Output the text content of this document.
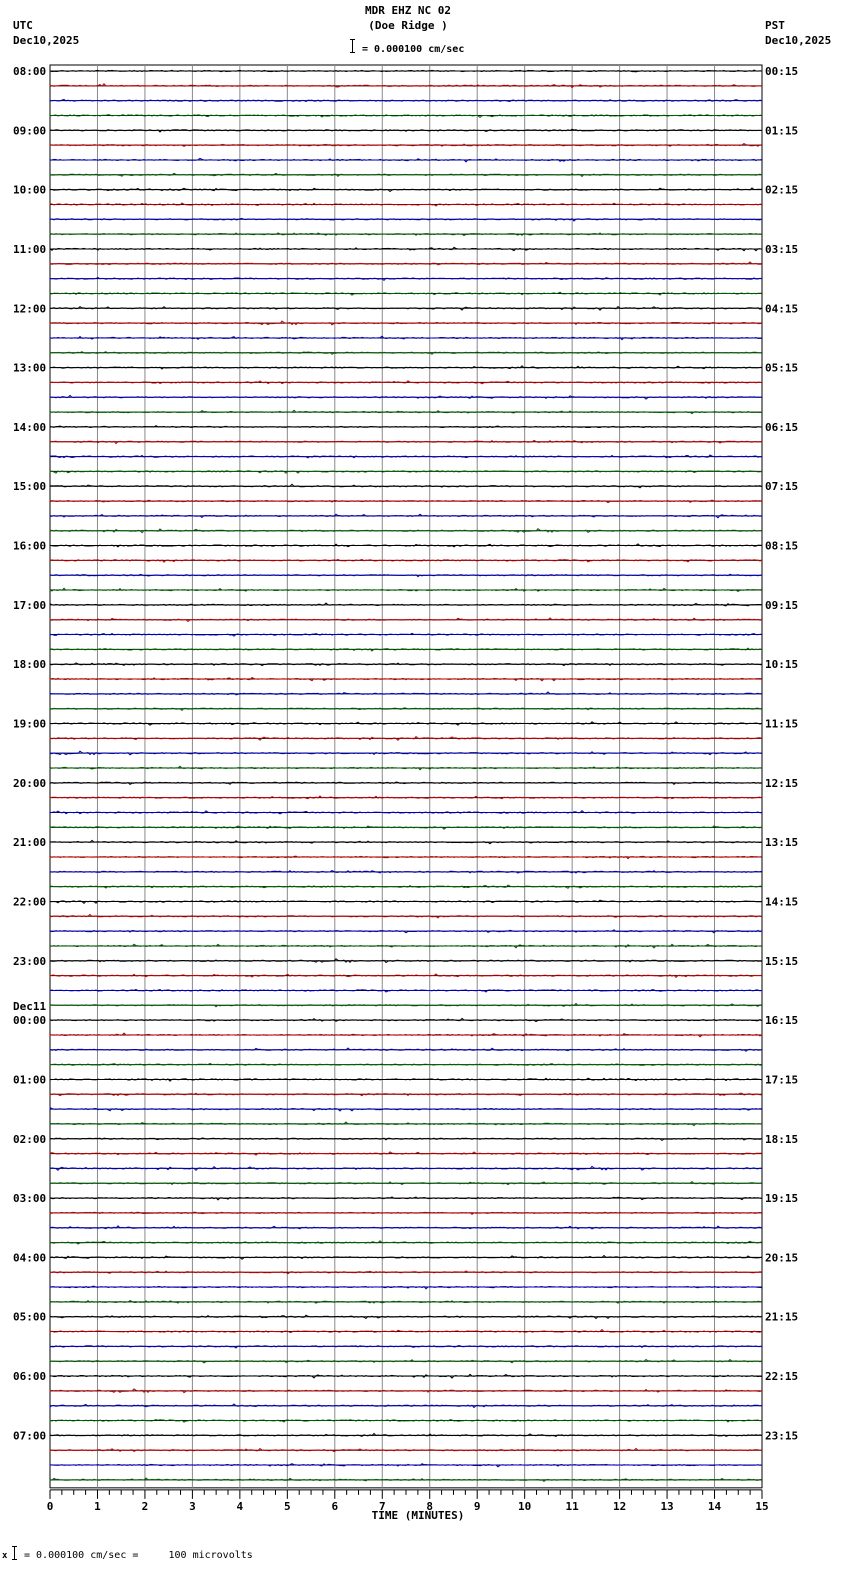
MDR EHZ NC 02
(Doe Ridge )
= 0.000100 cm/sec
UTC
Dec10,2025
PST
Dec10,2025
0	1	2	3	4	5	6	7	8	9	10	11	12	13	14	15
08:00
09:00
10:00
11:00
12:00
13:00
14:00
15:00
16:00
17:00
18:00
19:00
20:00
21:00
22:00
23:00
Dec11
00:00
01:00
02:00
03:00
04:00
05:00
06:00
07:00
00:15
01:15
02:15
03:15
04:15
05:15
06:15
07:15
08:15
09:15
10:15
11:15
12:15
13:15
14:15
15:15
16:15
17:15
18:15
19:15
20:15
21:15
22:15
23:15
TIME (MINUTES)
x = 0.000100 cm/sec =     100 microvolts
